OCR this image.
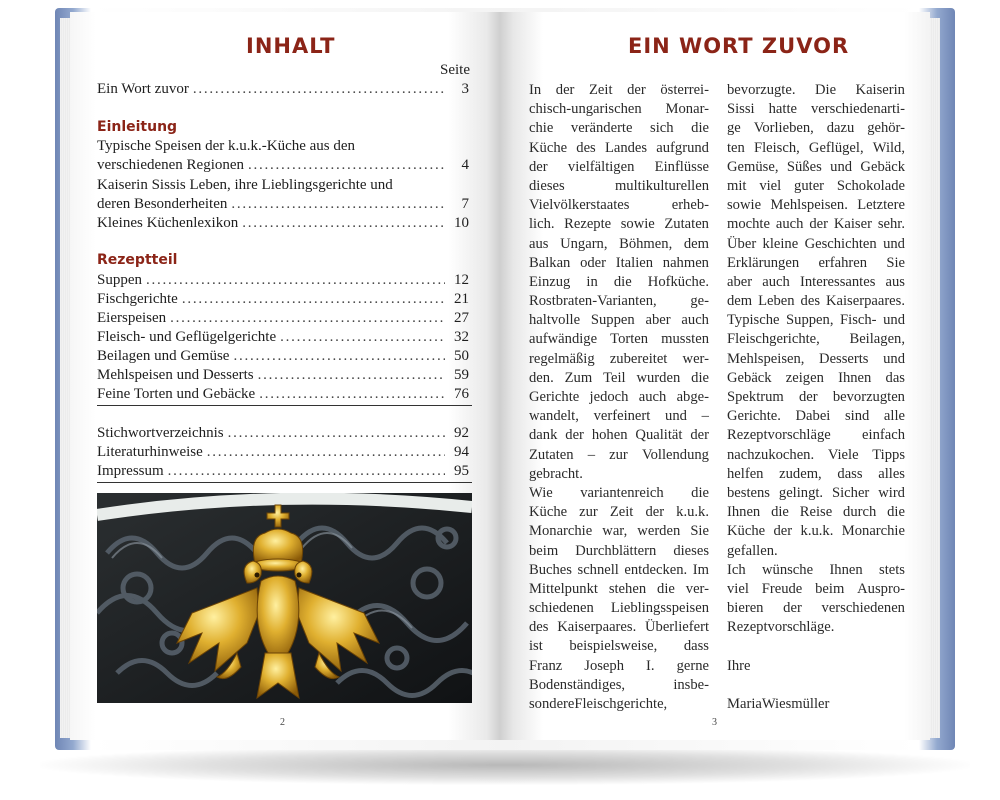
INHALT
Seite
Ein Wort zuvor . . .	3
Einleitung
Typische Speisen der k.u.k.-Küche aus den
verschiedenen Regionen . . .	4
Kaiserin Sissis Leben, ihre Lieblingsgerichte und
deren Besonderheiten . . .	7
Kleines Küchenlexikon . . .	10
Rezeptteil
Suppen . . .	12
Fischgerichte . . .	21
Eierspeisen . . .	27
Fleisch- und Geflügelgerichte . . .	32
Beilagen und Gemüse . . .	50
Mehlspeisen und Desserts . . .	59
Feine Torten und Gebäcke . . .	76
Stichwortverzeichnis . . .	92
Literaturhinweise . . .	94
Impressum . . .	95
2
EIN WORT ZUVOR
In der Zeit der österrei-
chisch-ungarischen Monar-
chie veränderte sich die
Küche des Landes aufgrund
der vielfältigen Einflüsse
dieses	multikulturellen
Vielvölkerstaates	erheb-
lich. Rezepte sowie Zutaten
aus Ungarn, Böhmen, dem
Balkan oder Italien nahmen
Einzug in die Hofküche.
Rostbraten-Varianten, ge-
haltvolle Suppen aber auch
aufwändige Torten mussten
regelmäßig zubereitet wer-
den. Zum Teil wurden die
Gerichte jedoch auch abge-
wandelt, verfeinert und –
dank der hohen Qualität der
Zutaten – zur Vollendung
gebracht.
Wie variantenreich die
Küche zur Zeit der k.u.k.
Monarchie war, werden Sie
beim Durchblättern dieses
Buches schnell entdecken. Im
Mittelpunkt stehen die ver-
schiedenen Lieblingsspeisen
des Kaiserpaares. Überliefert
ist beispielsweise, dass
Franz Joseph I. gerne
Bodenständiges,	insbe-
sondere Fleischgerichte,
bevorzugte. Die Kaiserin
Sissi hatte verschiedenarti-
ge Vorlieben, dazu gehör-
ten Fleisch, Geflügel, Wild,
Gemüse, Süßes und Gebäck
mit viel guter Schokolade
sowie Mehlspeisen. Letztere
mochte auch der Kaiser sehr.
Über kleine Geschichten und
Erklärungen erfahren Sie
aber auch Interessantes aus
dem Leben des Kaiserpaares.
Typische Suppen, Fisch- und
Fleischgerichte, Beilagen,
Mehlspeisen, Desserts und
Gebäck zeigen Ihnen das
Spektrum der bevorzugten
Gerichte. Dabei sind alle
Rezeptvorschläge einfach
nachzukochen. Viele Tipps
helfen zudem, dass alles
bestens gelingt. Sicher wird
Ihnen die Reise durch die
Küche der k.u.k. Monarchie
gefallen.
Ich wünsche Ihnen stets
viel Freude beim Auspro-
bieren der verschiedenen
Rezeptvorschläge.

Ihre

Maria Wiesmüller
3
